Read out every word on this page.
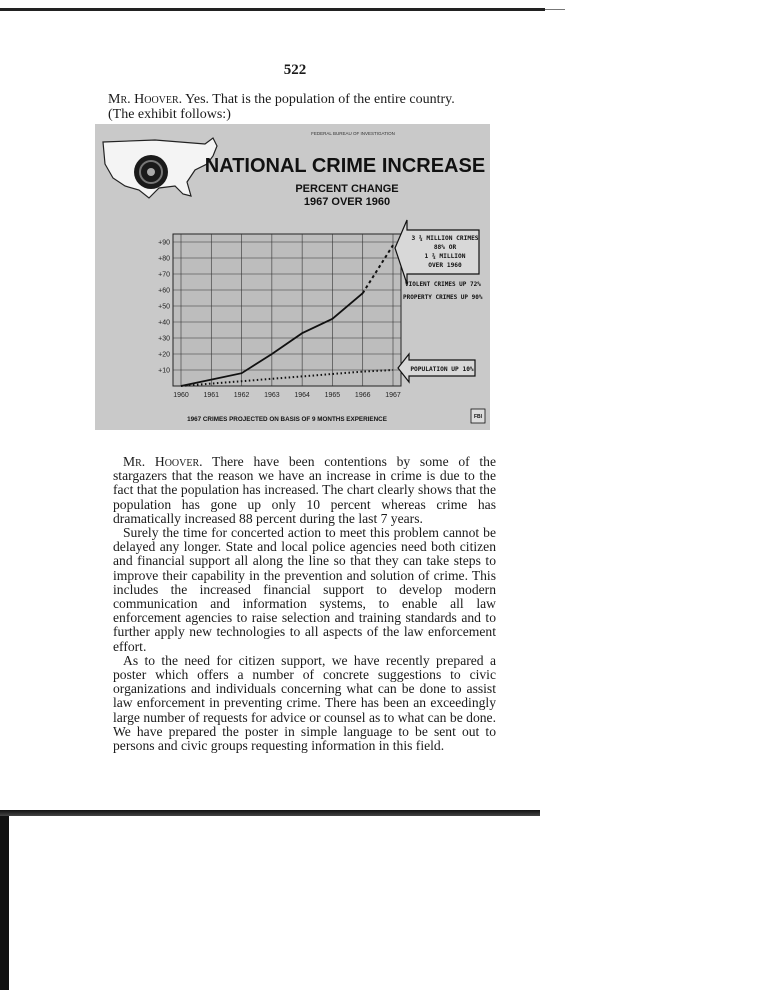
522
Mr. Hoover. Yes. That is the population of the entire country.
(The exhibit follows:)
FEDERAL BUREAU OF INVESTIGATION
NATIONAL CRIME INCREASE
PERCENT CHANGE
1967 OVER 1960
+90
+80
+70
+60
+50
+40
+30
+20
+10
1960 1961 1962 1963 1964 1965 1966 1967
3 ¾ MILLION CRIMES
88% OR
1 ¾ MILLION
OVER 1960
VIOLENT CRIMES UP 72%
PROPERTY CRIMES UP 90%
POPULATION UP 10%
1967 CRIMES PROJECTED ON BASIS OF 9 MONTHS EXPERIENCE	FBI

Mr. Hoover. There have been contentions by some of the stargazers that the reason we have an increase in crime is due to the fact that the population has increased. The chart clearly shows that the population has gone up only 10 percent whereas crime has dramatically increased 88 percent during the last 7 years.

Surely the time for concerted action to meet this problem cannot be delayed any longer. State and local police agencies need both citizen and financial support all along the line so that they can take steps to improve their capability in the prevention and solution of crime. This includes the increased financial support to develop modern communication and information systems, to enable all law enforcement agencies to raise selection and training standards and to further apply new technologies to all aspects of the law enforcement effort.

As to the need for citizen support, we have recently prepared a poster which offers a number of concrete suggestions to civic organizations and individuals concerning what can be done to assist law enforcement in preventing crime. There has been an exceedingly large number of requests for advice or counsel as to what can be done. We have prepared the poster in simple language to be sent out to persons and civic groups requesting information in this field.
